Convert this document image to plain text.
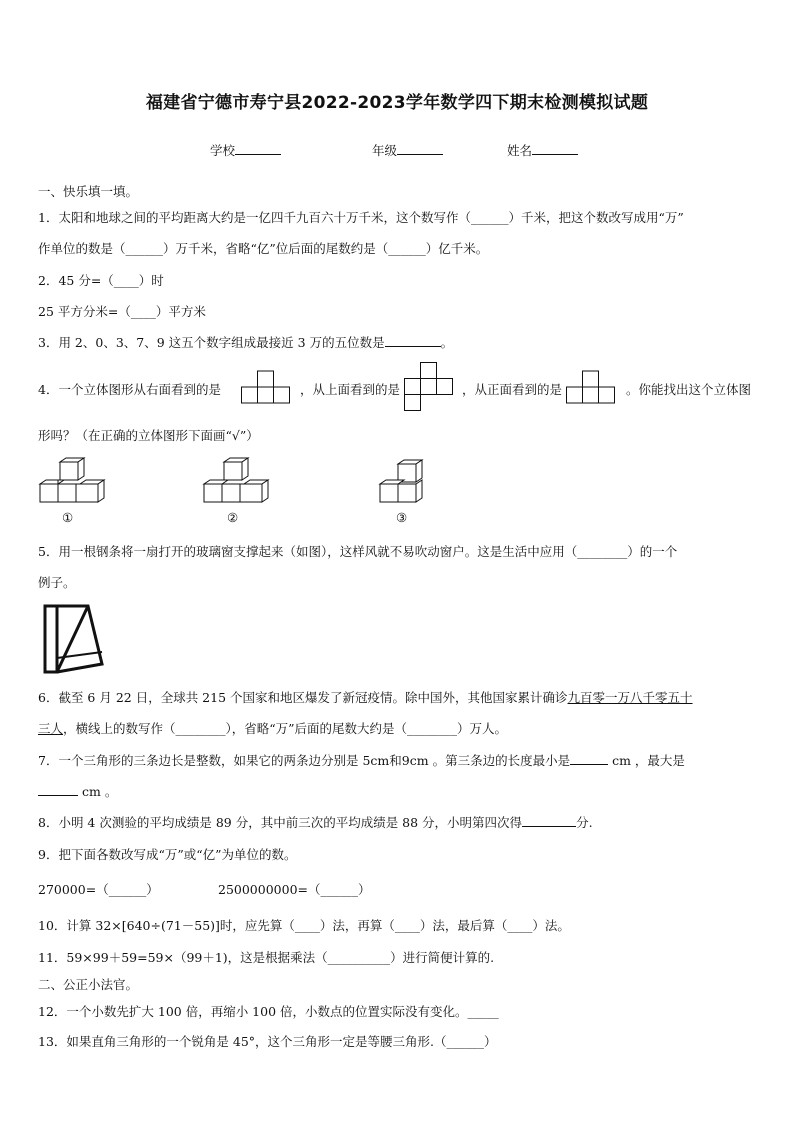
福建省宁德市寿宁县2022-2023学年数学四下期末检测模拟试题
学校	年级	姓名
一、快乐填一填。
1．太阳和地球之间的平均距离大约是一亿四千九百六十万千米，这个数写作（______）千米，把这个数改写成用“万”
作单位的数是（______）万千米，省略“亿”位后面的尾数约是（______）亿千米。
2．45 分=（____）时
25 平方分米=（____）平方米
3．用 2、0、3、7、9 这五个数字组成最接近 3 万的五位数是	。
4．一个立体图形从右面看到的是	，从上面看到的是	，从正面看到的是	。你能找出这个立体图
形吗？（在正确的立体图形下面画“√”）
①	②	③
5．用一根钢条将一扇打开的玻璃窗支撑起来（如图），这样风就不易吹动窗户。这是生活中应用（________）的一个
例子。
6．截至 6 月 22 日，全球共 215 个国家和地区爆发了新冠疫情。除中国外，其他国家累计确诊九百零一万八千零五十
三人，横线上的数写作（________），省略“万”后面的尾数大约是（________）万人。
7．一个三角形的三条边长是整数，如果它的两条边分别是 5cm和9cm 。第三条边的长度最小是	cm ，最大是
cm 。
8．小明 4 次测验的平均成绩是 89 分，其中前三次的平均成绩是 88 分，小明第四次得	分.
9．把下面各数改写成“万”或“亿”为单位的数。
270000=（______）	2500000000=（______）
10．计算 32×[640÷(71－55)]时，应先算（____）法，再算（____）法，最后算（____）法。
11．59×99＋59=59×（99＋1)，这是根据乘法（__________）进行简便计算的.
二、公正小法官。
12．一个小数先扩大 100 倍，再缩小 100 倍，小数点的位置实际没有变化。_____
13．如果直角三角形的一个锐角是 45°，这个三角形一定是等腰三角形.（______）
